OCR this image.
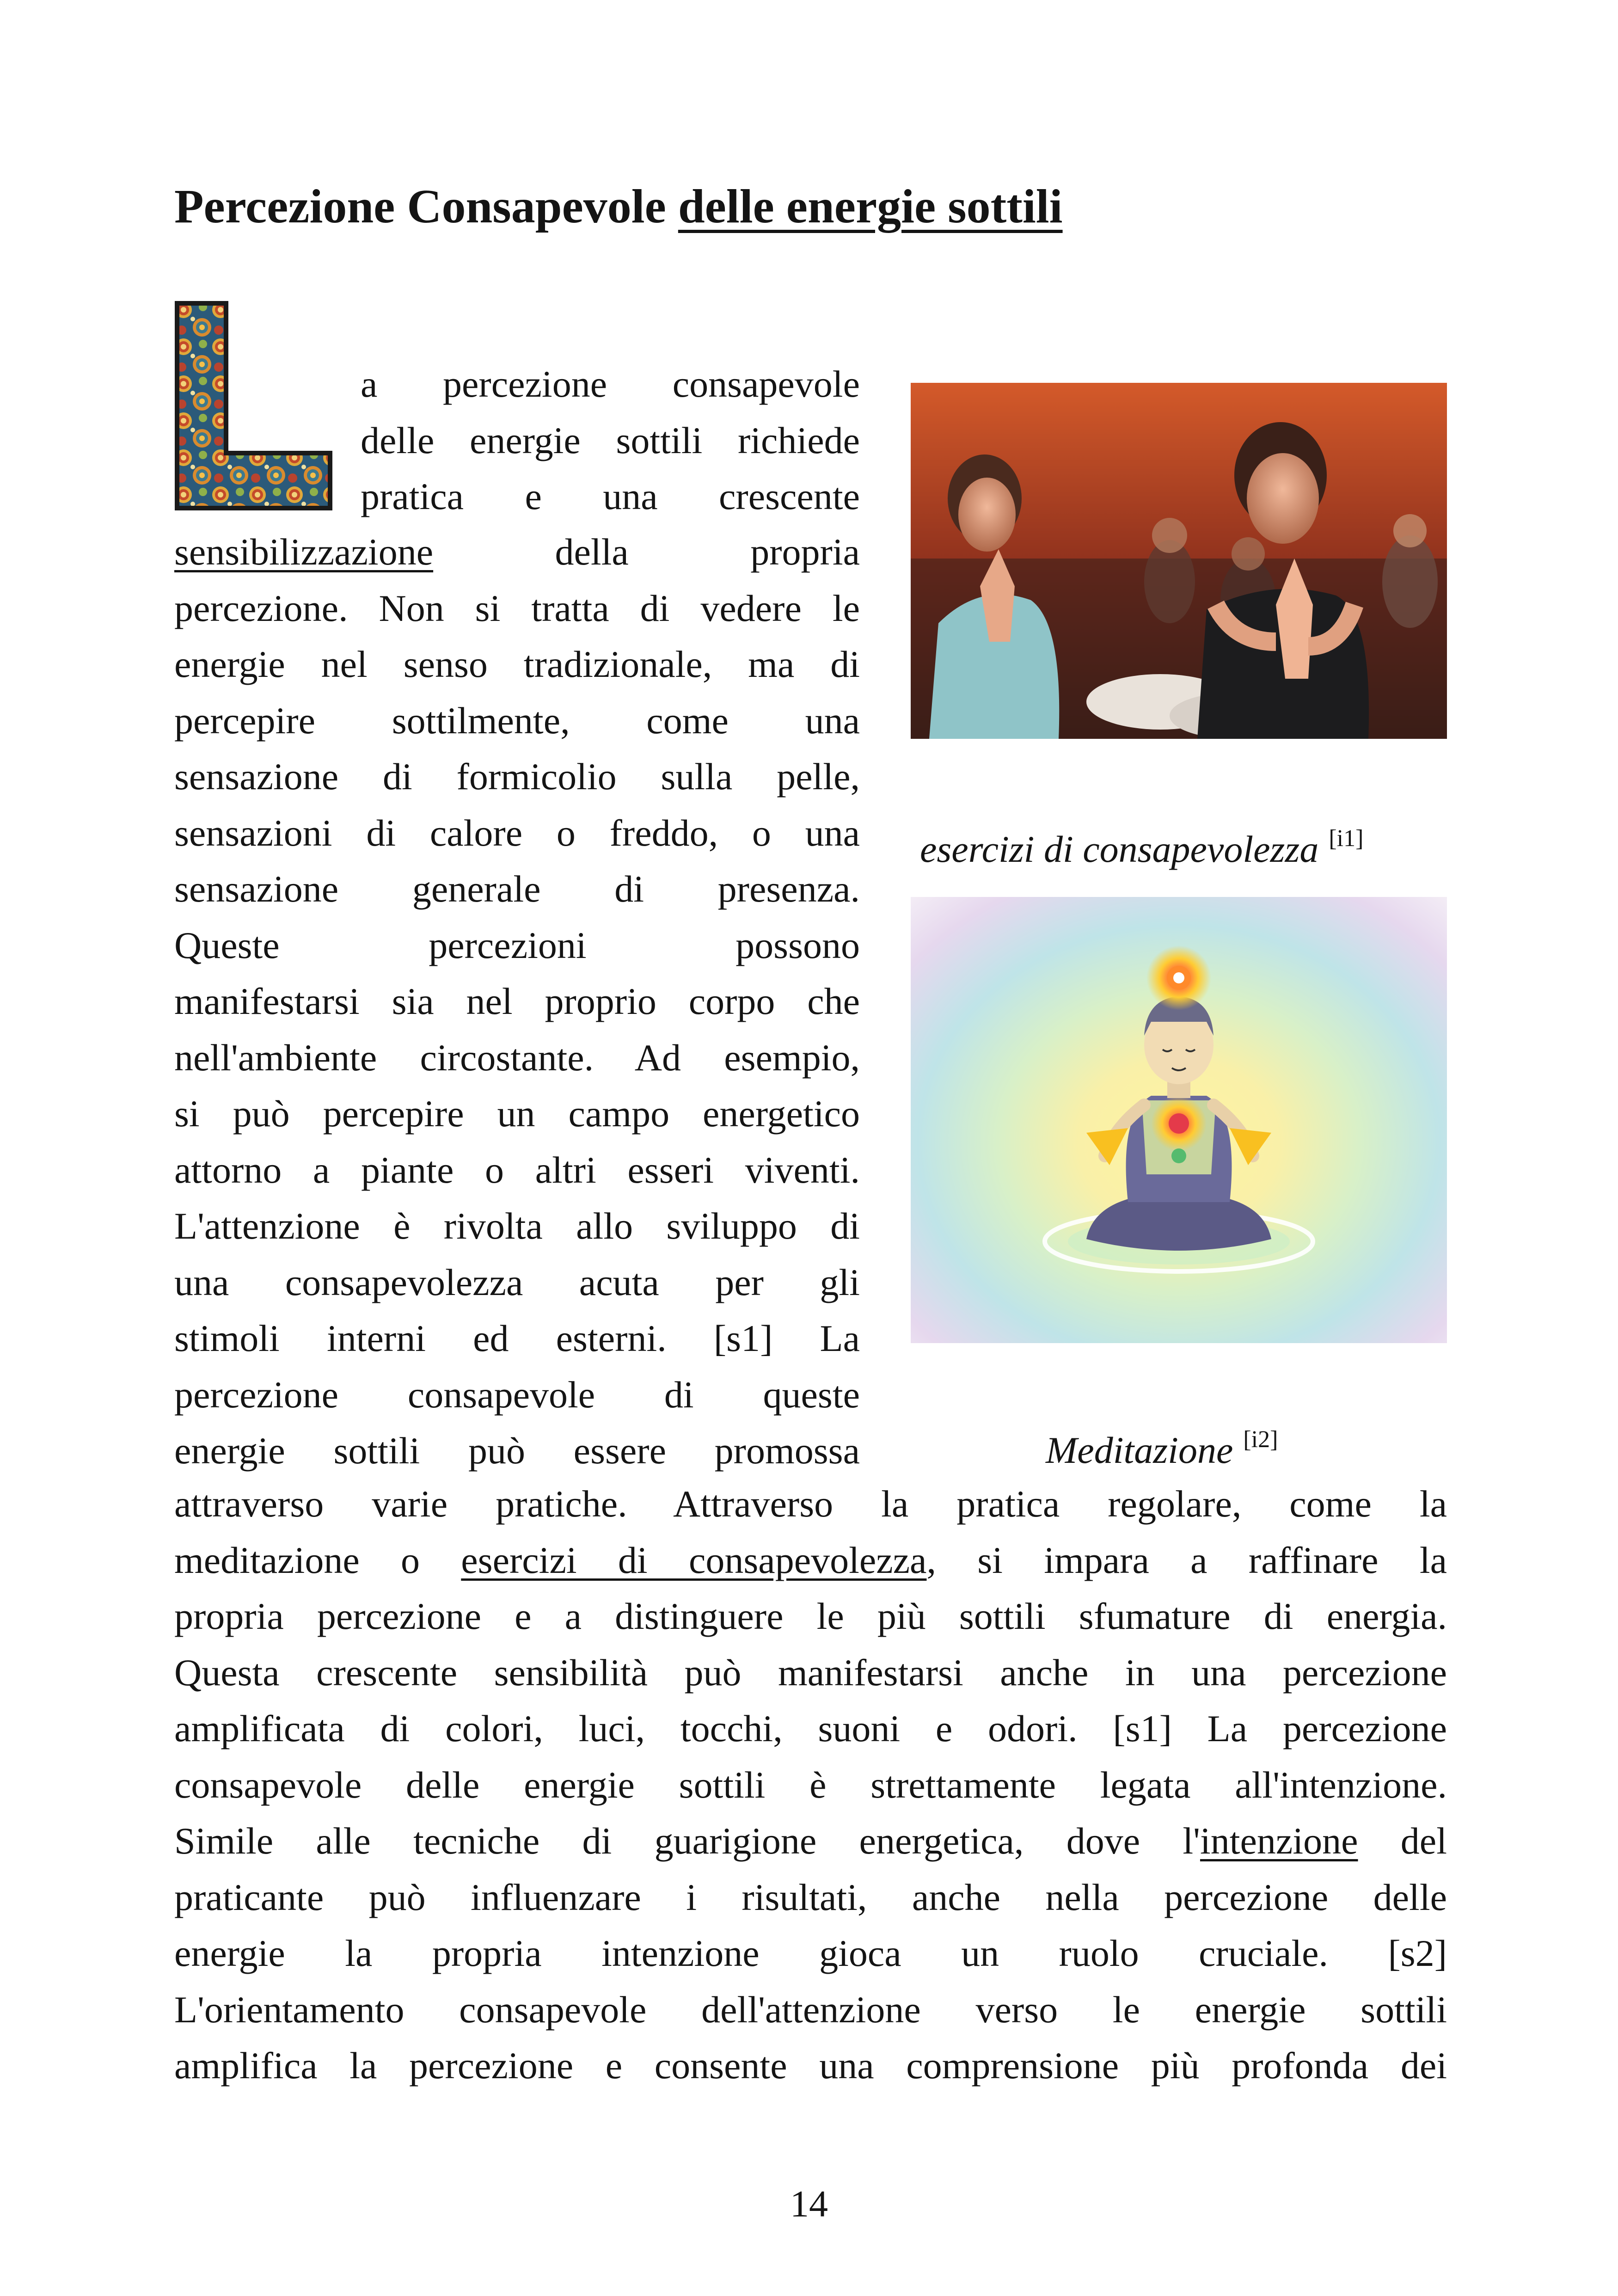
Percezione Consapevole delle energie sottili

a percezione consapevole
delle energie sottili richiede
pratica e una crescente

sensibilizzazione della propria
percezione. Non si tratta di vedere le
energie nel senso tradizionale, ma di
percepire sottilmente, come una
sensazione di formicolio sulla pelle,
sensazioni di calore o freddo, o una
sensazione generale di presenza.
Queste percezioni possono
manifestarsi sia nel proprio corpo che
nell'ambiente circostante. Ad esempio,
si può percepire un campo energetico
attorno a piante o altri esseri viventi.
L'attenzione è rivolta allo sviluppo di
una consapevolezza acuta per gli
stimoli interni ed esterni. [s1] La
percezione consapevole di queste
energie sottili può essere promossa

attraverso varie pratiche. Attraverso la pratica regolare, come la
meditazione o esercizi di consapevolezza, si impara a raffinare la
propria percezione e a distinguere le più sottili sfumature di energia.
Questa crescente sensibilità può manifestarsi anche in una percezione
amplificata di colori, luci, tocchi, suoni e odori. [s1] La percezione
consapevole delle energie sottili è strettamente legata all'intenzione.
Simile alle tecniche di guarigione energetica, dove l'intenzione del
praticante può influenzare i risultati, anche nella percezione delle
energie la propria intenzione gioca un ruolo cruciale. [s2]
L'orientamento consapevole dell'attenzione verso le energie sottili
amplifica la percezione e consente una comprensione più profonda dei

esercizi di consapevolezza [i1]

Meditazione [i2]

14
